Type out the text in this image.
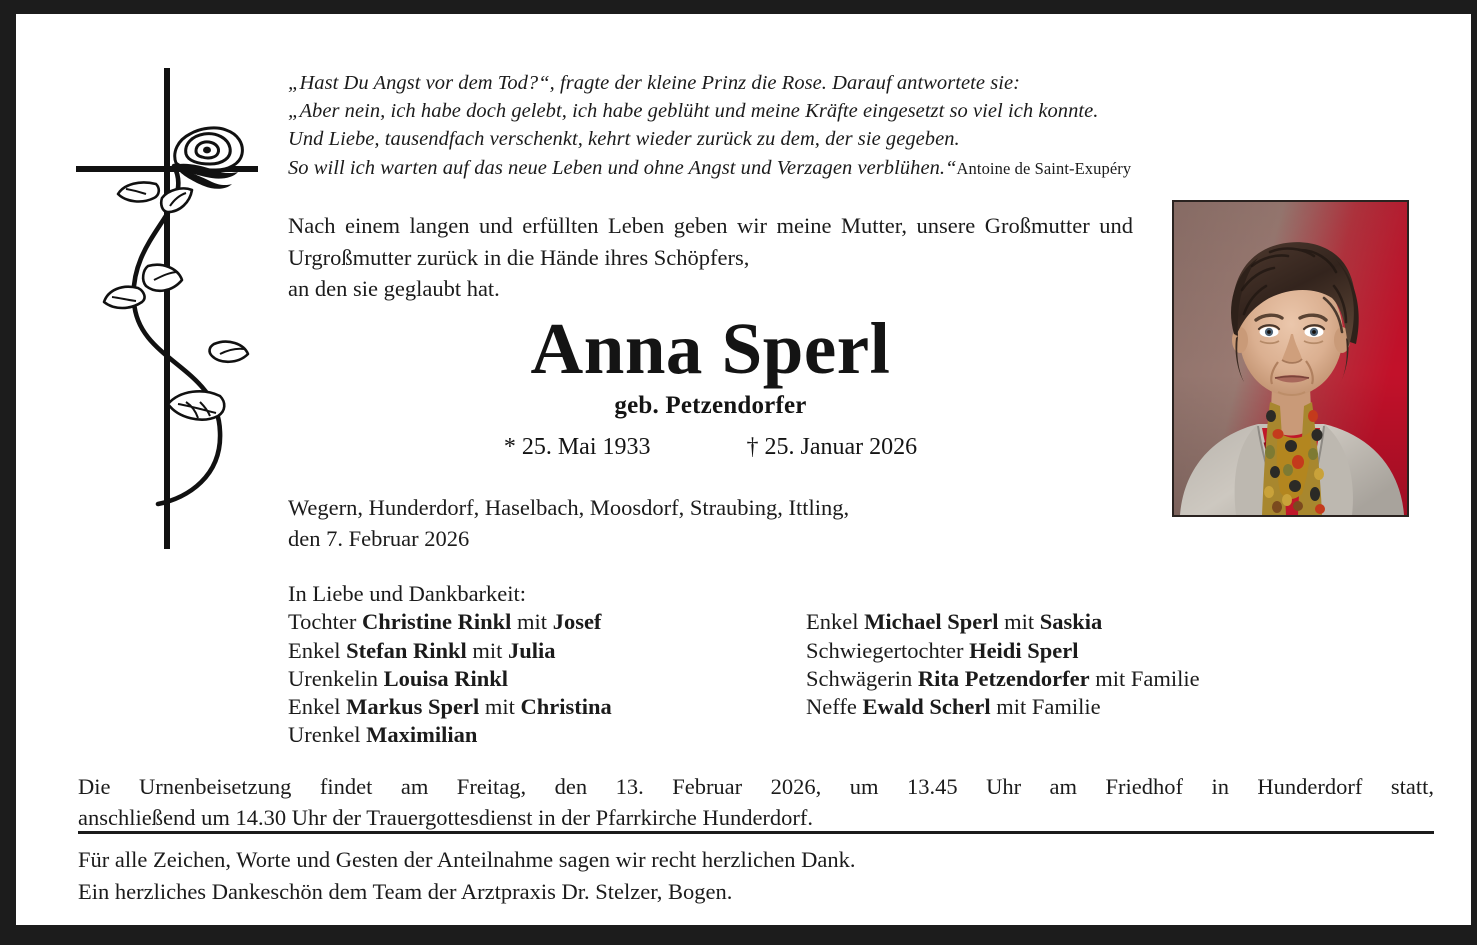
„Hast Du Angst vor dem Tod?“, fragte der kleine Prinz die Rose. Darauf antwortete sie:
„Aber nein, ich habe doch gelebt, ich habe geblüht und meine Kräfte eingesetzt so viel ich konnte.
Und Liebe, tausendfach verschenkt, kehrt wieder zurück zu dem, der sie gegeben.
So will ich warten auf das neue Leben und ohne Angst und Verzagen verblühen.“Antoine de Saint-Exupéry
Nach einem langen und erfüllten Leben geben wir meine Mutter, unsere Großmutter und Urgroßmutter zurück in die Hände ihres Schöpfers,
an den sie geglaubt hat.
Anna Sperl
geb. Petzendorfer
* 25. Mai 1933	† 25. Januar 2026
Wegern, Hunderdorf, Haselbach, Moosdorf, Straubing, Ittling,
den 7. Februar 2026
In Liebe und Dankbarkeit:
Tochter Christine Rinkl mit Josef
Enkel Stefan Rinkl mit Julia
Urenkelin Louisa Rinkl
Enkel Markus Sperl mit Christina
Urenkel Maximilian
Enkel Michael Sperl mit Saskia
Schwiegertochter Heidi Sperl
Schwägerin Rita Petzendorfer mit Familie
Neffe Ewald Scherl mit Familie
Die Urnenbeisetzung findet am Freitag, den 13. Februar 2026, um 13.45 Uhr am Friedhof in Hunderdorf statt,
anschließend um 14.30 Uhr der Trauergottesdienst in der Pfarrkirche Hunderdorf.
Für alle Zeichen, Worte und Gesten der Anteilnahme sagen wir recht herzlichen Dank.
Ein herzliches Dankeschön dem Team der Arztpraxis Dr. Stelzer, Bogen.
